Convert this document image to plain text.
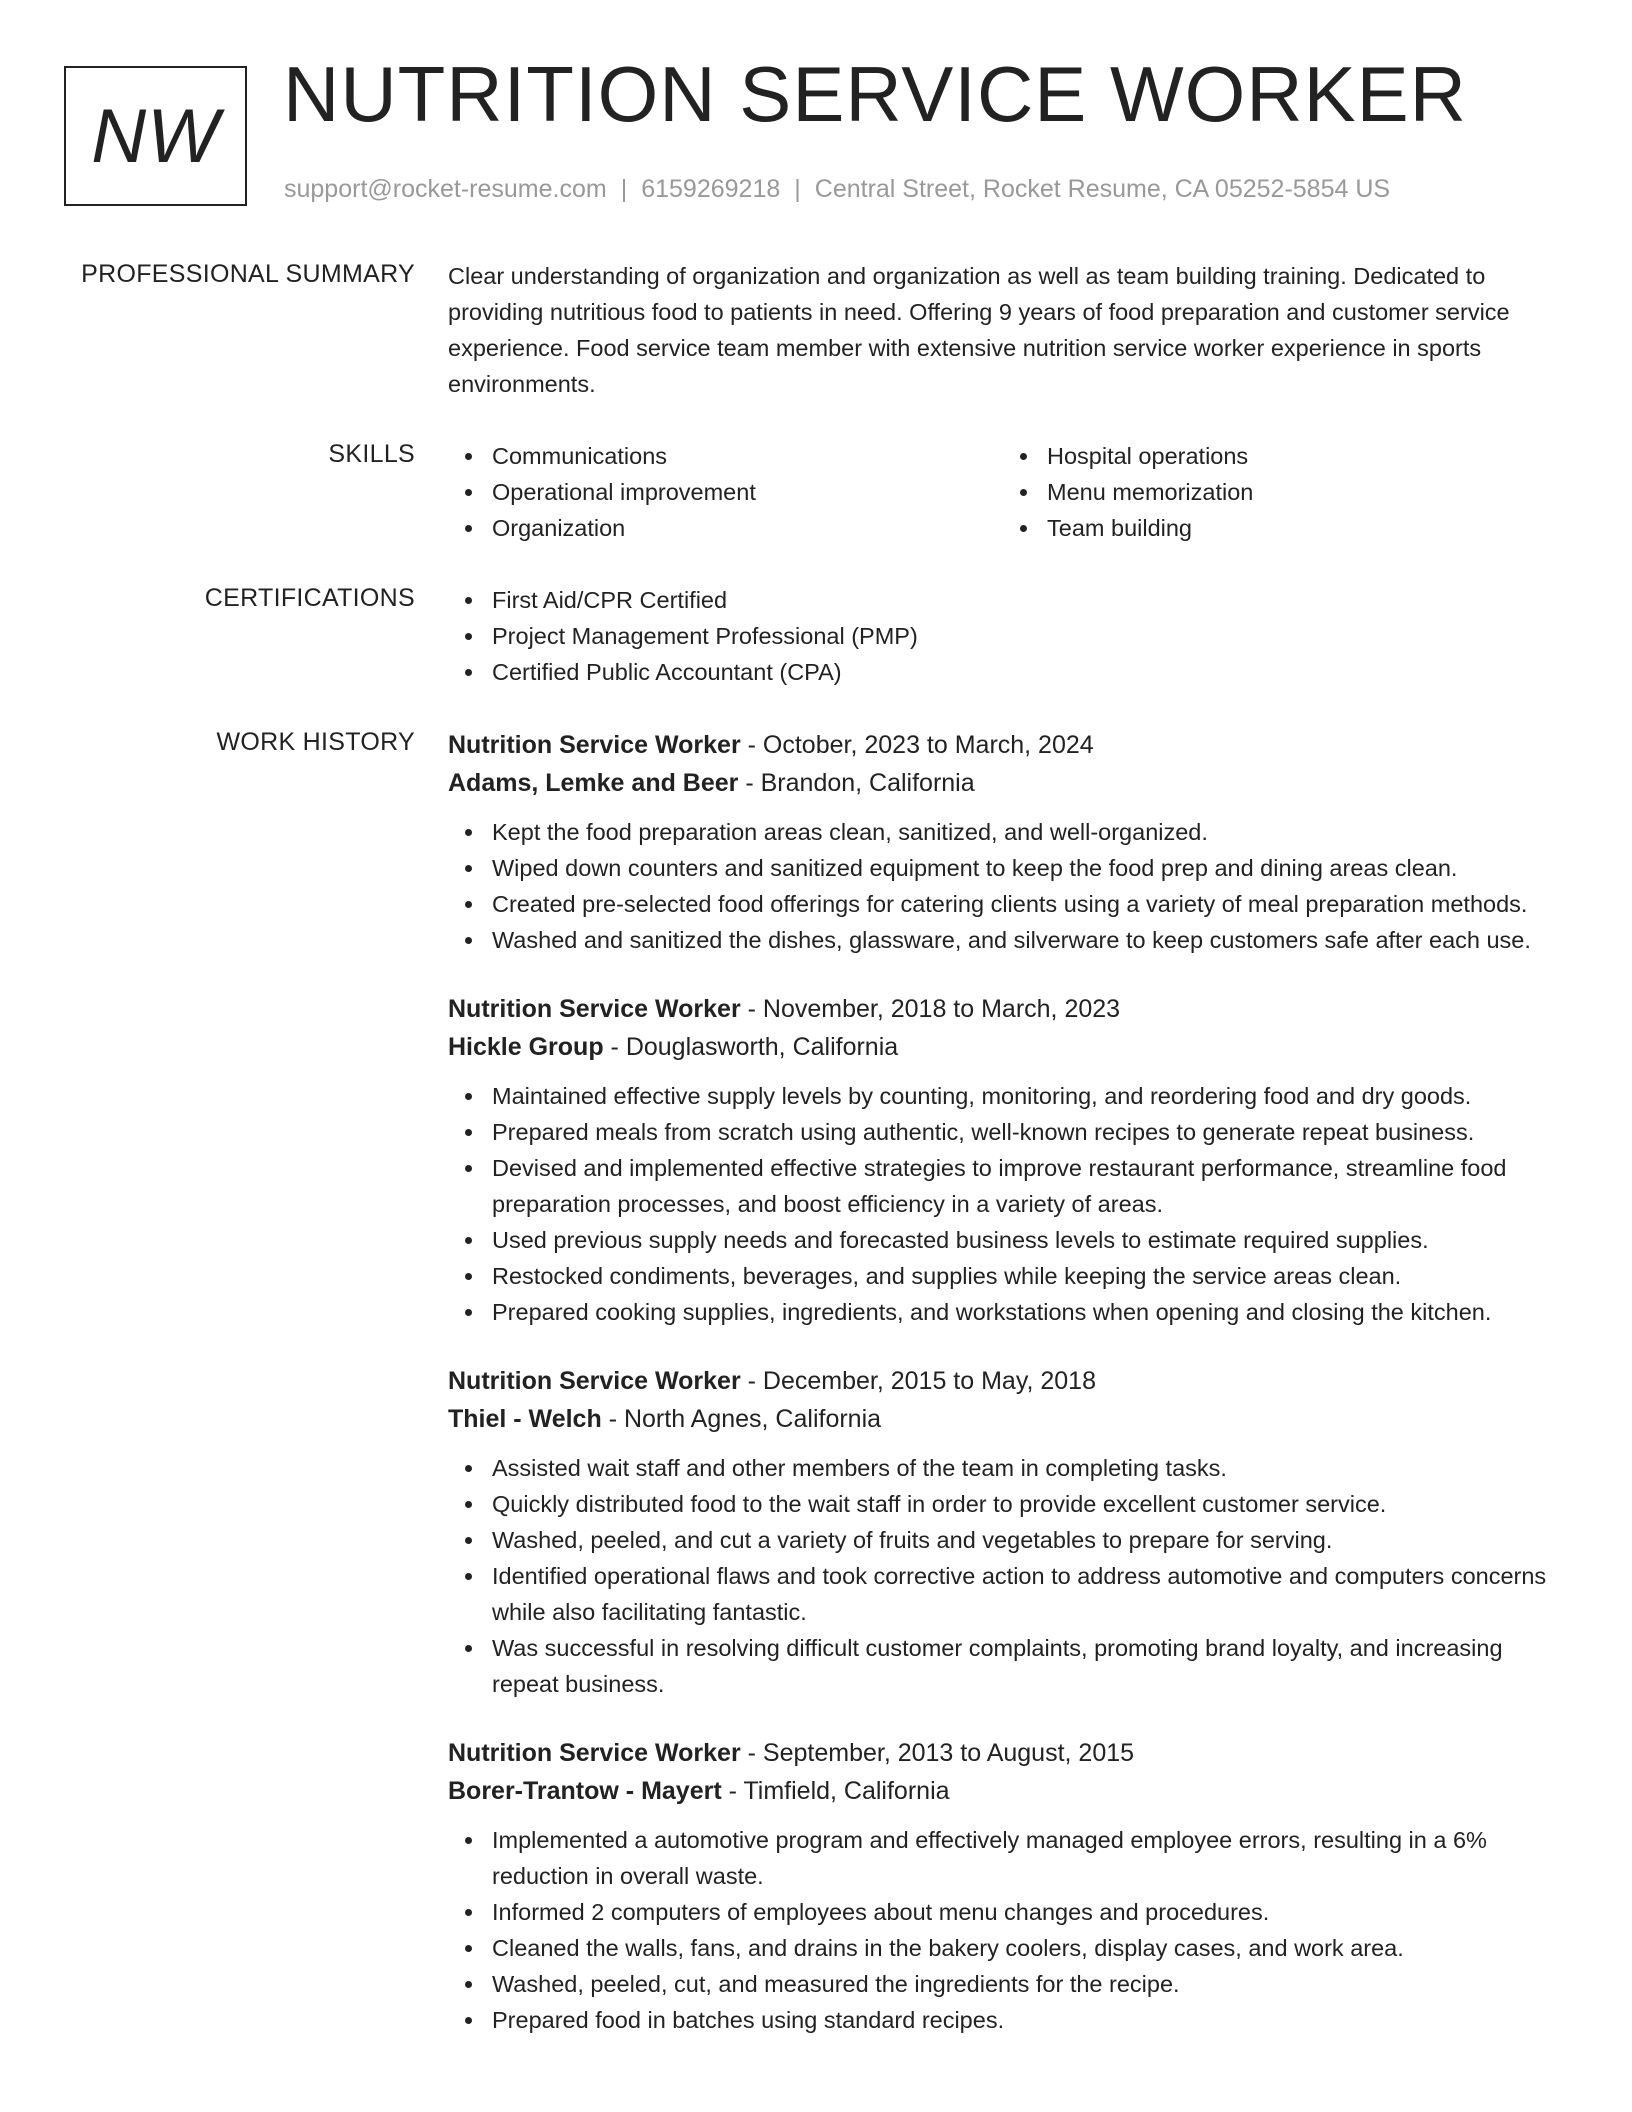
NW NUTRITION SERVICE WORKER
support@rocket-resume.com | 6159269218 | Central Street, Rocket Resume, CA 05252-5854 US
PROFESSIONAL SUMMARY Clear understanding of organization and organization as well as team building training. Dedicated to providing nutritious food to patients in need. Offering 9 years of food preparation and customer service experience. Food service team member with extensive nutrition service worker experience in sports environments.

SKILLS	Communications
Operational improvement
Organization
Hospital operations
Menu memorization
Team building
CERTIFICATIONS	First Aid/CPR Certified
Project Management Professional (PMP)
Certified Public Accountant (CPA)
WORK HISTORY Nutrition Service Worker - October, 2023 to March, 2024
Adams, Lemke and Beer - Brandon, California
Kept the food preparation areas clean, sanitized, and well-organized.
Wiped down counters and sanitized equipment to keep the food prep and dining areas clean.
Created pre-selected food offerings for catering clients using a variety of meal preparation methods.
Washed and sanitized the dishes, glassware, and silverware to keep customers safe after each use.
Nutrition Service Worker - November, 2018 to March, 2023
Hickle Group - Douglasworth, California
Maintained effective supply levels by counting, monitoring, and reordering food and dry goods.
Prepared meals from scratch using authentic, well-known recipes to generate repeat business.
Devised and implemented effective strategies to improve restaurant performance, streamline food preparation processes, and boost efficiency in a variety of areas.
Used previous supply needs and forecasted business levels to estimate required supplies.
Restocked condiments, beverages, and supplies while keeping the service areas clean.
Prepared cooking supplies, ingredients, and workstations when opening and closing the kitchen.
Nutrition Service Worker - December, 2015 to May, 2018
Thiel - Welch - North Agnes, California
Assisted wait staff and other members of the team in completing tasks.
Quickly distributed food to the wait staff in order to provide excellent customer service.
Washed, peeled, and cut a variety of fruits and vegetables to prepare for serving.
Identified operational flaws and took corrective action to address automotive and computers concerns while also facilitating fantastic.
Was successful in resolving difficult customer complaints, promoting brand loyalty, and increasing repeat business.
Nutrition Service Worker - September, 2013 to August, 2015
Borer-Trantow - Mayert - Timfield, California
Implemented a automotive program and effectively managed employee errors, resulting in a 6% reduction in overall waste.
Informed 2 computers of employees about menu changes and procedures.
Cleaned the walls, fans, and drains in the bakery coolers, display cases, and work area.
Washed, peeled, cut, and measured the ingredients for the recipe.
Prepared food in batches using standard recipes.
